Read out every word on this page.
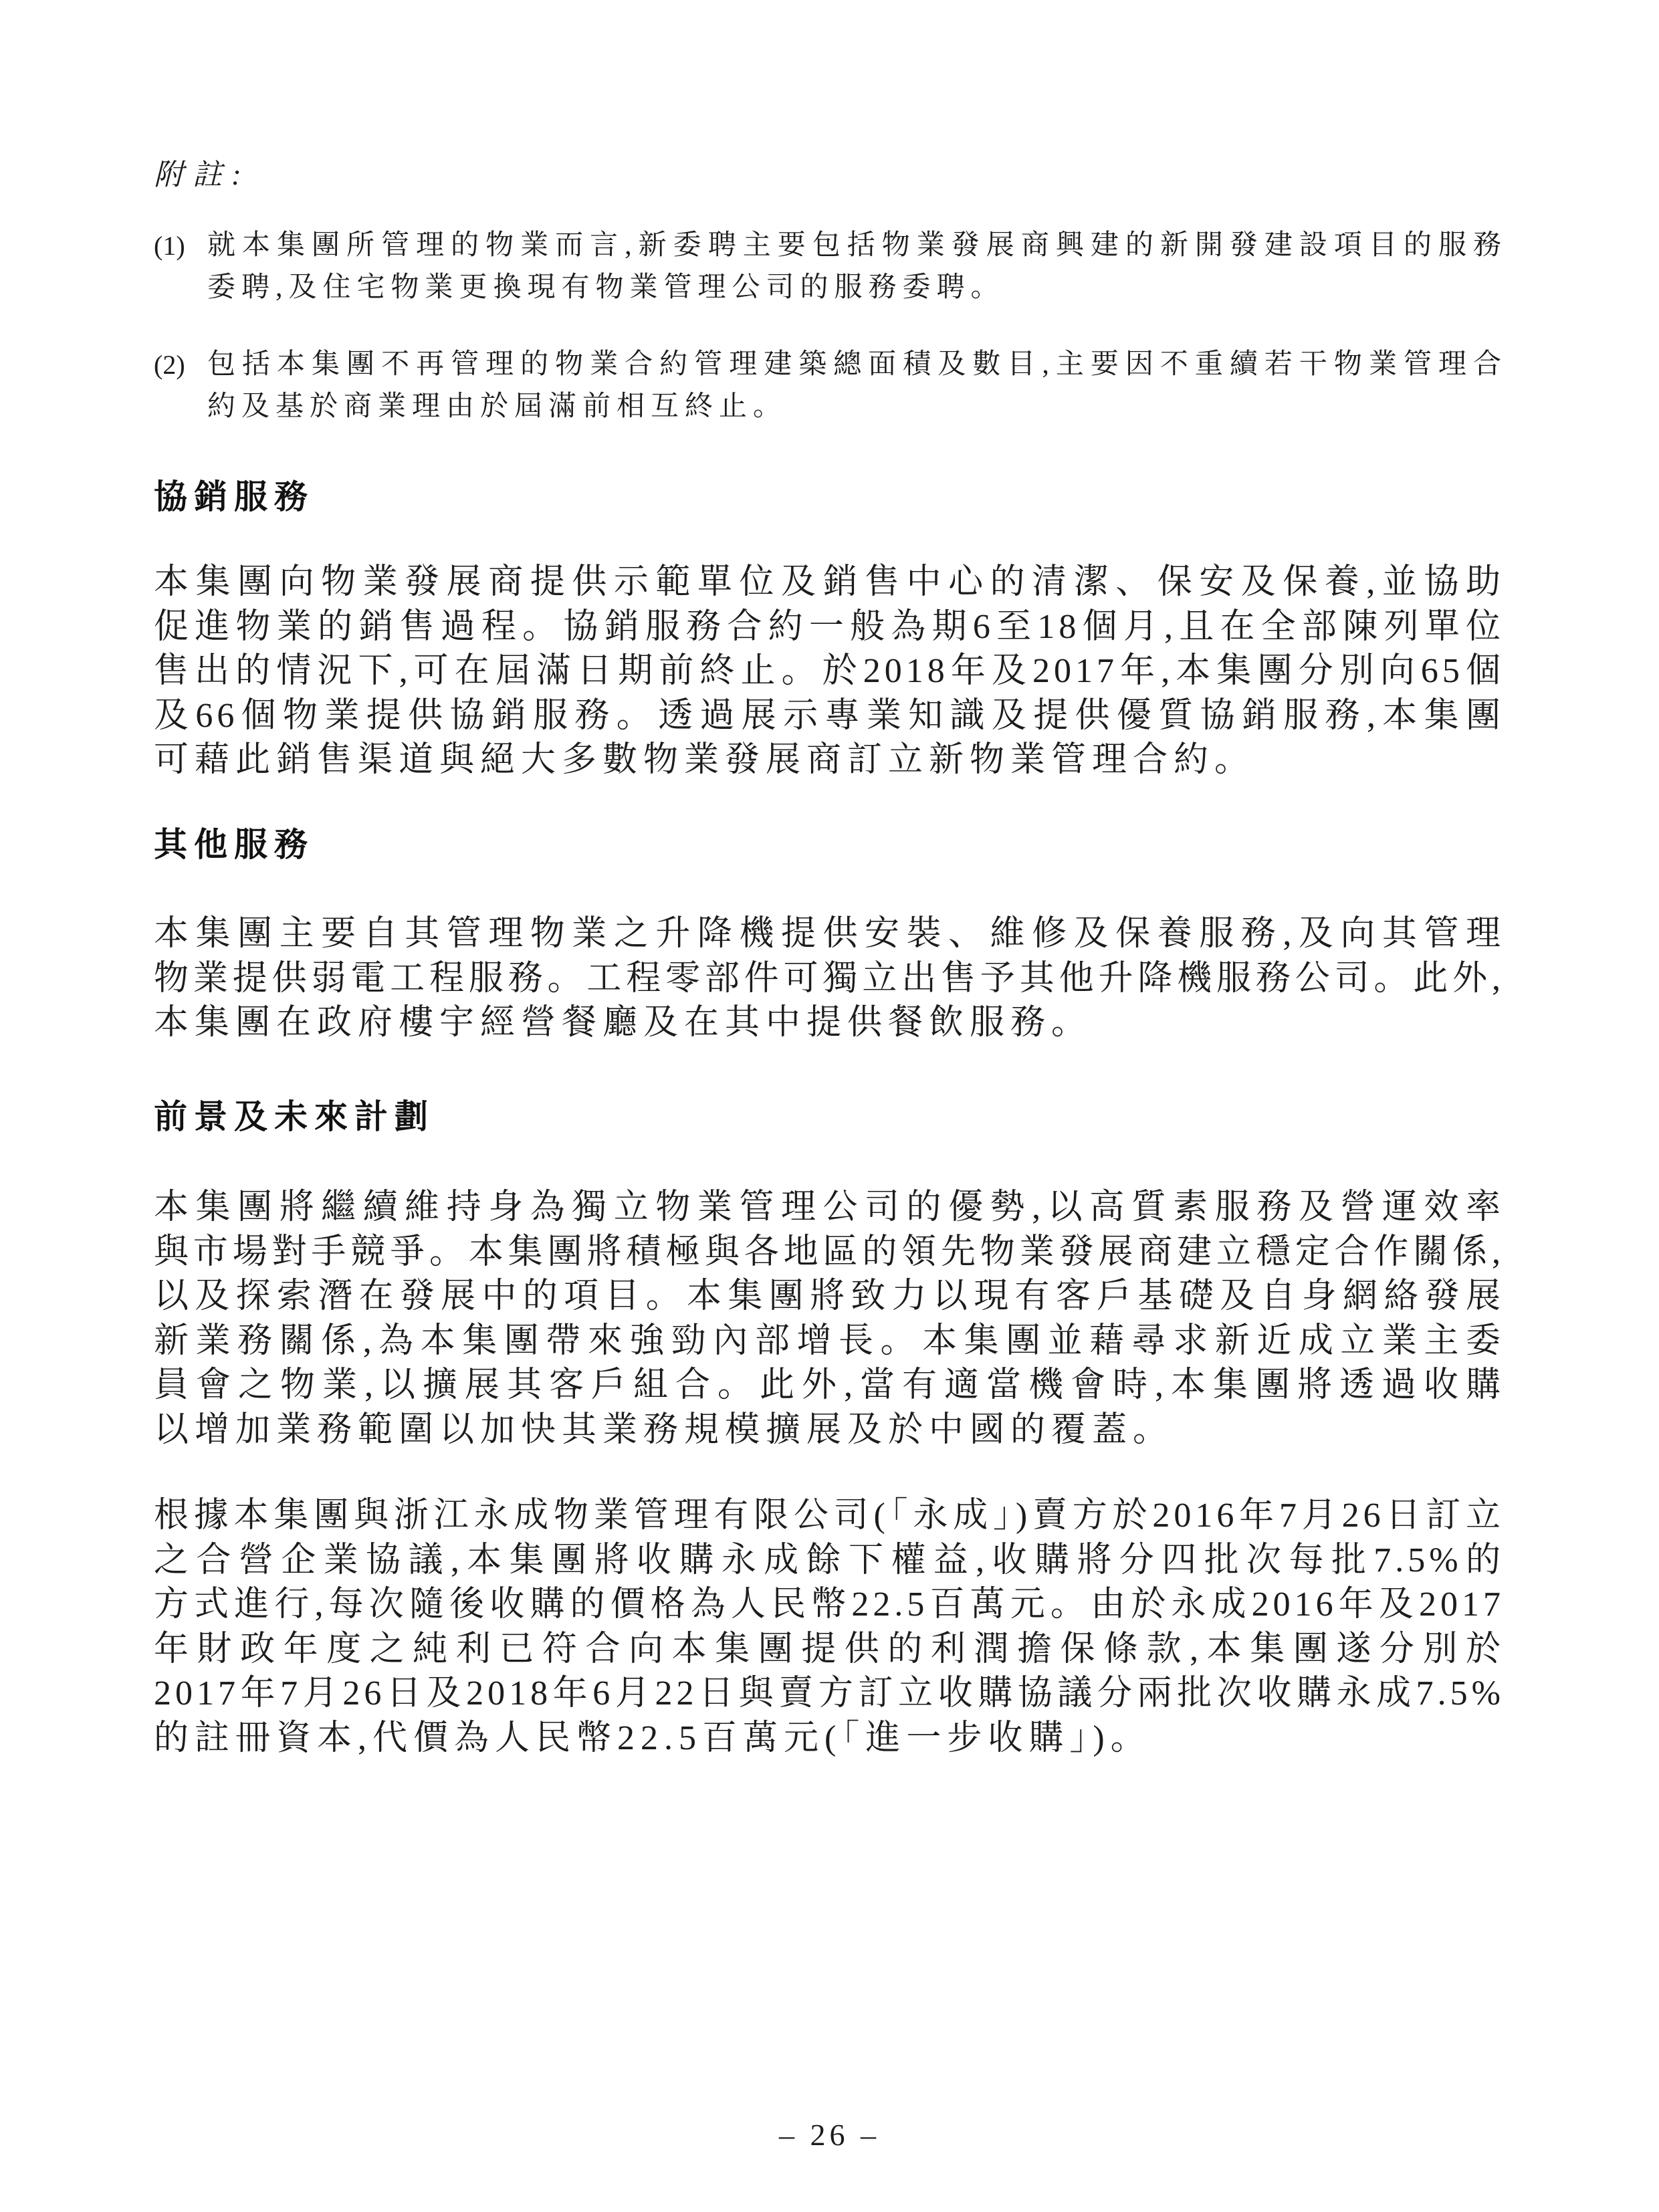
附註:
(1) 就本集團所管理的物業而言,新委聘主要包括物業發展商興建的新開發建設項目的服務
委聘,及住宅物業更換現有物業管理公司的服務委聘。
(2) 包括本集團不再管理的物業合約管理建築總面積及數目,主要因不重續若干物業管理合
約及基於商業理由於屆滿前相互終止。
協銷服務
本集團向物業發展商提供示範單位及銷售中心的清潔、保安及保養,並協助
促進物業的銷售過程。協銷服務合約一般為期6至18個月,且在全部陳列單位
售出的情況下,可在屆滿日期前終止。於2018年及2017年,本集團分別向65個
及66個物業提供協銷服務。透過展示專業知識及提供優質協銷服務,本集團
可藉此銷售渠道與絕大多數物業發展商訂立新物業管理合約。
其他服務
本集團主要自其管理物業之升降機提供安裝、維修及保養服務,及向其管理
物業提供弱電工程服務。工程零部件可獨立出售予其他升降機服務公司。此外,
本集團在政府樓宇經營餐廳及在其中提供餐飲服務。
前景及未來計劃
本集團將繼續維持身為獨立物業管理公司的優勢,以高質素服務及營運效率
與市場對手競爭。本集團將積極與各地區的領先物業發展商建立穩定合作關係,
以及探索潛在發展中的項目。本集團將致力以現有客戶基礎及自身網絡發展
新業務關係,為本集團帶來強勁內部增長。本集團並藉尋求新近成立業主委
員會之物業,以擴展其客戶組合。此外,當有適當機會時,本集團將透過收購
以增加業務範圍以加快其業務規模擴展及於中國的覆蓋。
根據本集團與浙江永成物業管理有限公司(「永成」)賣方於2016年7月26日訂立
之合營企業協議,本集團將收購永成餘下權益,收購將分四批次每批7.5%的
方式進行,每次隨後收購的價格為人民幣22.5百萬元。由於永成2016年及2017
年財政年度之純利已符合向本集團提供的利潤擔保條款,本集團遂分別於
2017年7月26日及2018年6月22日與賣方訂立收購協議分兩批次收購永成7.5%
的註冊資本,代價為人民幣22.5百萬元(「進一步收購」)。
– 26 –
